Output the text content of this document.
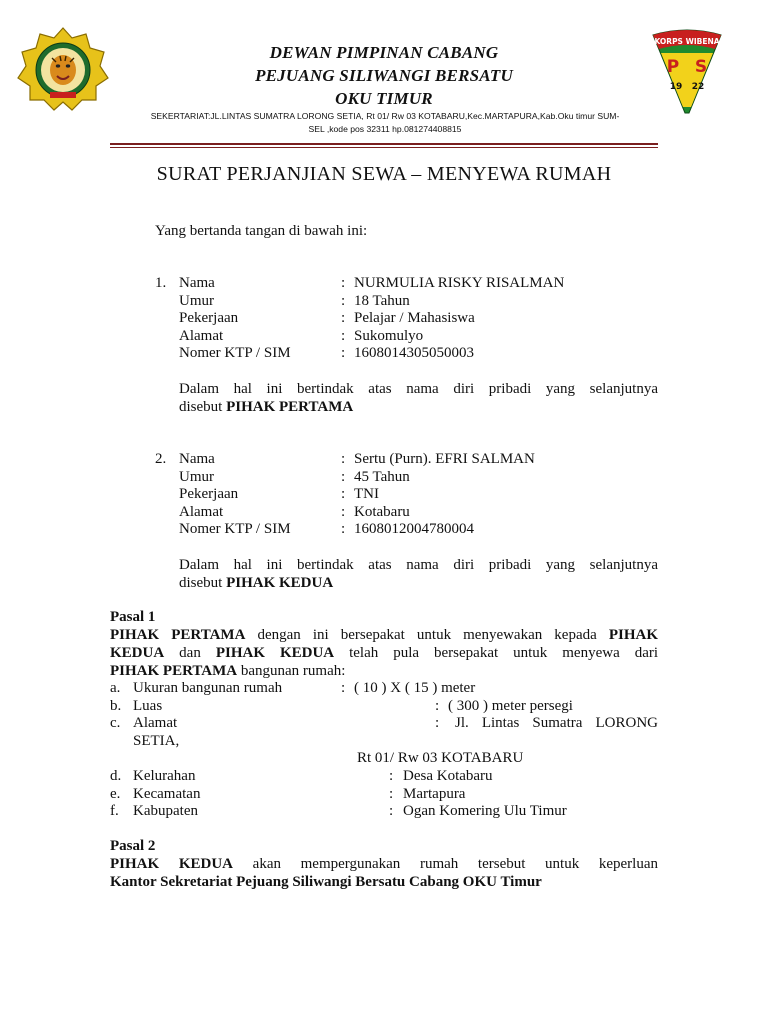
KORPS WIBENA
P S
19 22
DEWAN PIMPINAN CABANG
PEJUANG SILIWANGI BERSATU
OKU TIMUR
SEKERTARIAT:JL.LINTAS SUMATRA LORONG SETIA, Rt 01/ Rw 03 KOTABARU,Kec.MARTAPURA,Kab.Oku timur SUM-
SEL ,kode pos 32311 hp.081274408815
SURAT PERJANJIAN SEWA – MENYEWA RUMAH
Yang bertanda tangan di bawah ini:
1. Nama	: NURMULIA RISKY RISALMAN
Umur	: 18 Tahun
Pekerjaan	: Pelajar / Mahasiswa
Alamat	: Sukomulyo
Nomer KTP / SIM	: 1608014305050003
Dalam hal ini bertindak atas nama diri pribadi yang selanjutnya
disebut PIHAK PERTAMA
2. Nama	: Sertu (Purn). EFRI SALMAN
Umur	: 45 Tahun
Pekerjaan	: TNI
Alamat	: Kotabaru
Nomer KTP / SIM	: 1608012004780004
Dalam hal ini bertindak atas nama diri pribadi yang selanjutnya
disebut PIHAK KEDUA
Pasal 1
PIHAK PERTAMA dengan ini bersepakat untuk menyewakan kepada PIHAK
KEDUA dan PIHAK KEDUA telah pula bersepakat untuk menyewa dari
PIHAK PERTAMA bangunan rumah:
a. Ukuran bangunan rumah	: ( 10 ) X ( 15 ) meter
b. Luas	: ( 300 ) meter persegi
c. Alamat	: Jl. Lintas Sumatra LORONG
SETIA,
Rt 01/ Rw 03 KOTABARU
d. Kelurahan	: Desa Kotabaru
e. Kecamatan	: Martapura
f. Kabupaten	: Ogan Komering Ulu Timur
Pasal 2
PIHAK KEDUA akan mempergunakan rumah tersebut untuk keperluan
Kantor Sekretariat Pejuang Siliwangi Bersatu Cabang OKU Timur
